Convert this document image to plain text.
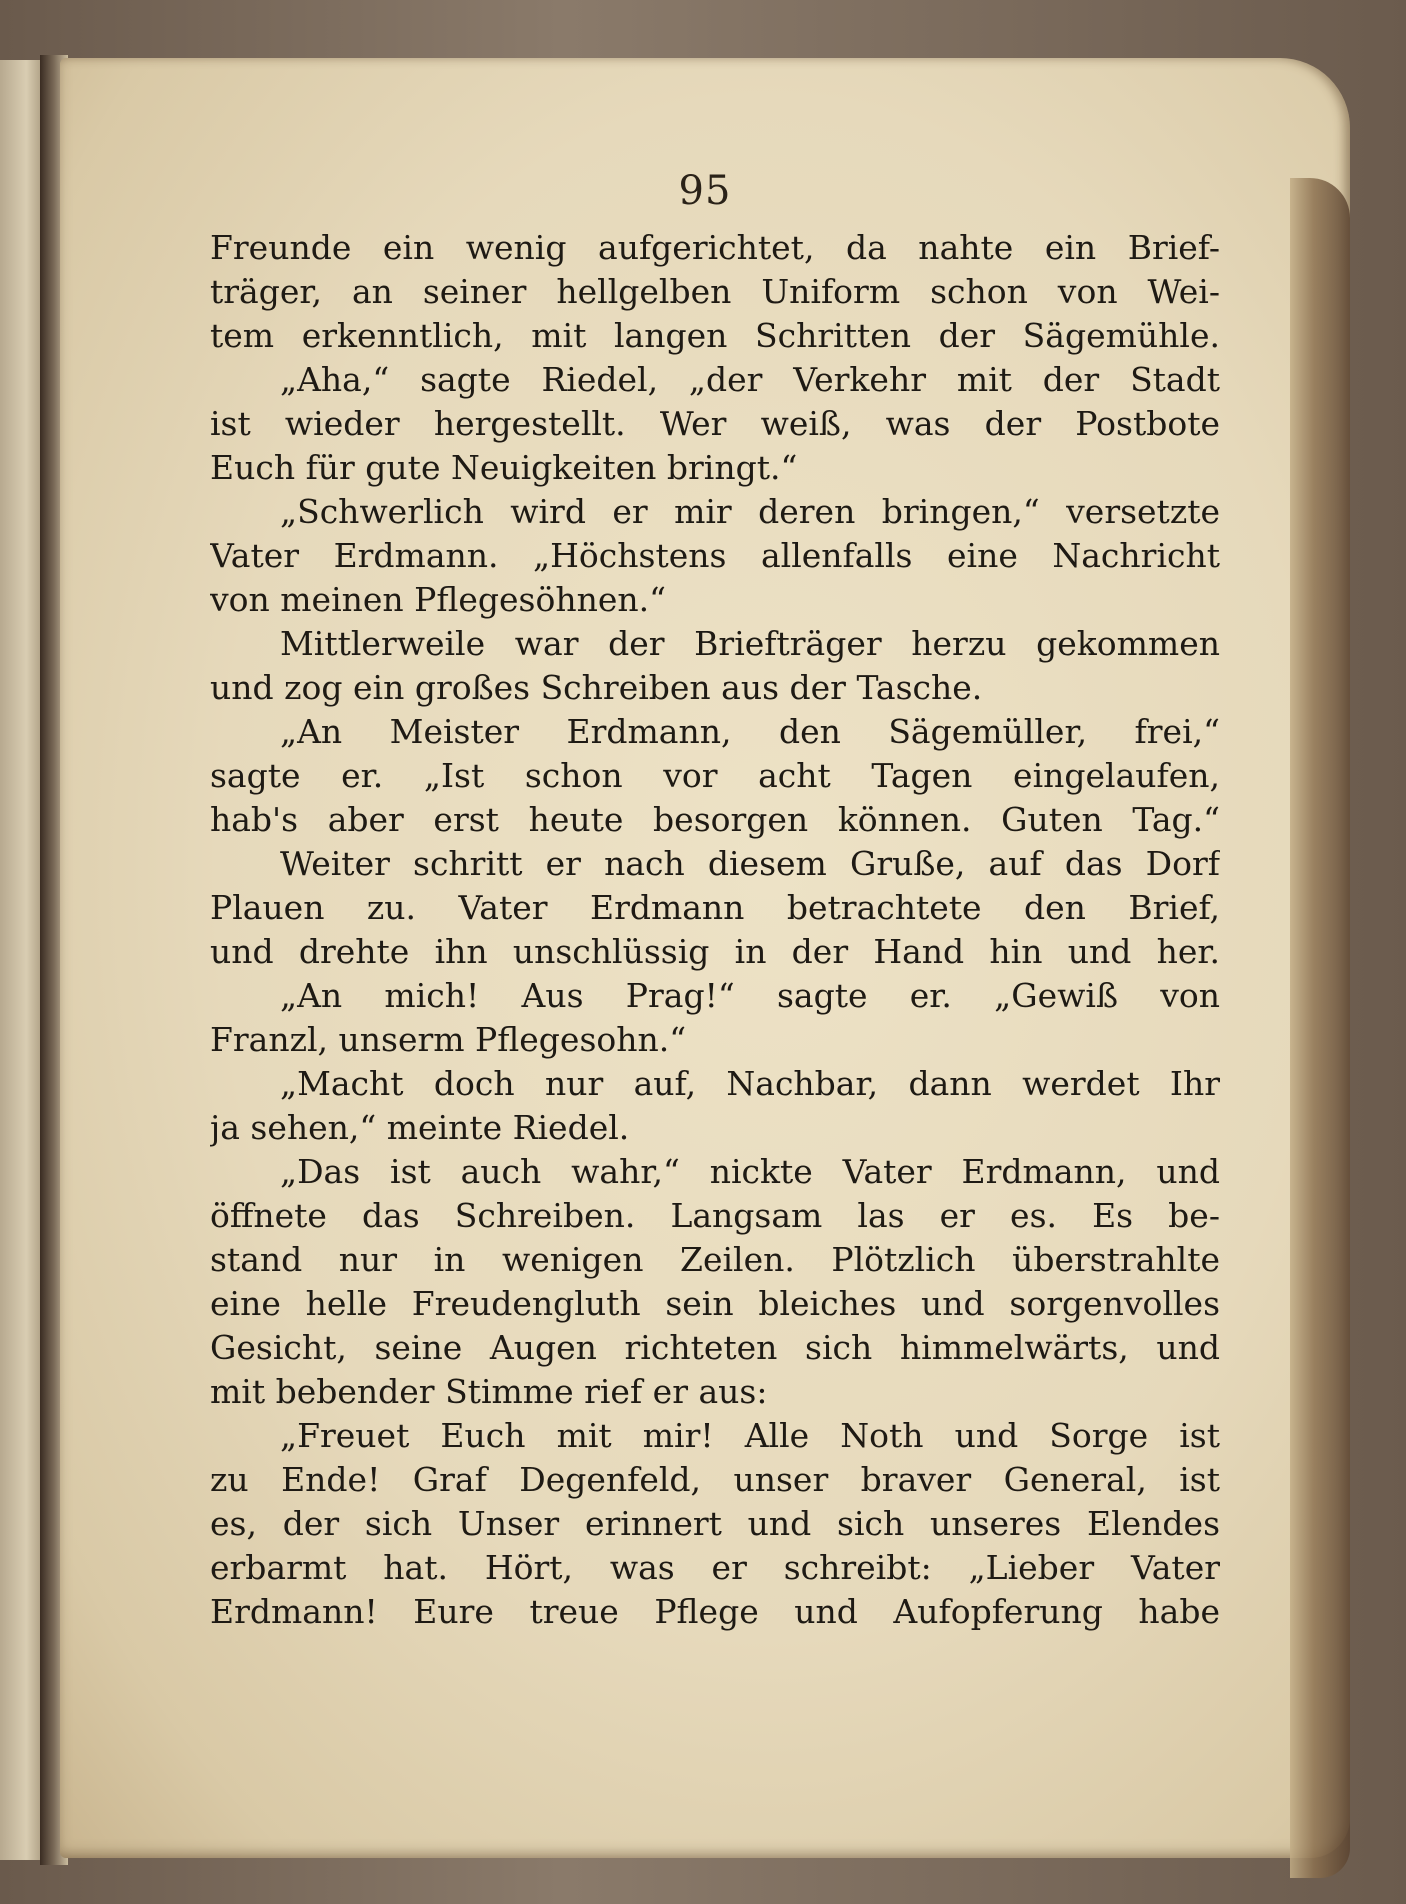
95
Freunde ein wenig aufgerichtet, da nahte ein Brief-
träger, an seiner hellgelben Uniform schon von Wei-
tem erkenntlich, mit langen Schritten der Sägemühle.
„Aha,“ sagte Riedel, „der Verkehr mit der Stadt
ist wieder hergestellt. Wer weiß, was der Postbote
Euch für gute Neuigkeiten bringt.“
„Schwerlich wird er mir deren bringen,“ versetzte
Vater Erdmann. „Höchstens allenfalls eine Nachricht
von meinen Pflegesöhnen.“
Mittlerweile war der Briefträger herzu gekommen
und zog ein großes Schreiben aus der Tasche.
„An Meister Erdmann, den Sägemüller, frei,“
sagte er. „Ist schon vor acht Tagen eingelaufen,
hab's aber erst heute besorgen können. Guten Tag.“
Weiter schritt er nach diesem Gruße, auf das Dorf
Plauen zu. Vater Erdmann betrachtete den Brief,
und drehte ihn unschlüssig in der Hand hin und her.
„An mich! Aus Prag!“ sagte er. „Gewiß von
Franzl, unserm Pflegesohn.“
„Macht doch nur auf, Nachbar, dann werdet Ihr
ja sehen,“ meinte Riedel.
„Das ist auch wahr,“ nickte Vater Erdmann, und
öffnete das Schreiben. Langsam las er es. Es be-
stand nur in wenigen Zeilen. Plötzlich überstrahlte
eine helle Freudengluth sein bleiches und sorgenvolles
Gesicht, seine Augen richteten sich himmelwärts, und
mit bebender Stimme rief er aus:
„Freuet Euch mit mir! Alle Noth und Sorge ist
zu Ende! Graf Degenfeld, unser braver General, ist
es, der sich Unser erinnert und sich unseres Elendes
erbarmt hat. Hört, was er schreibt: „Lieber Vater
Erdmann! Eure treue Pflege und Aufopferung habe
